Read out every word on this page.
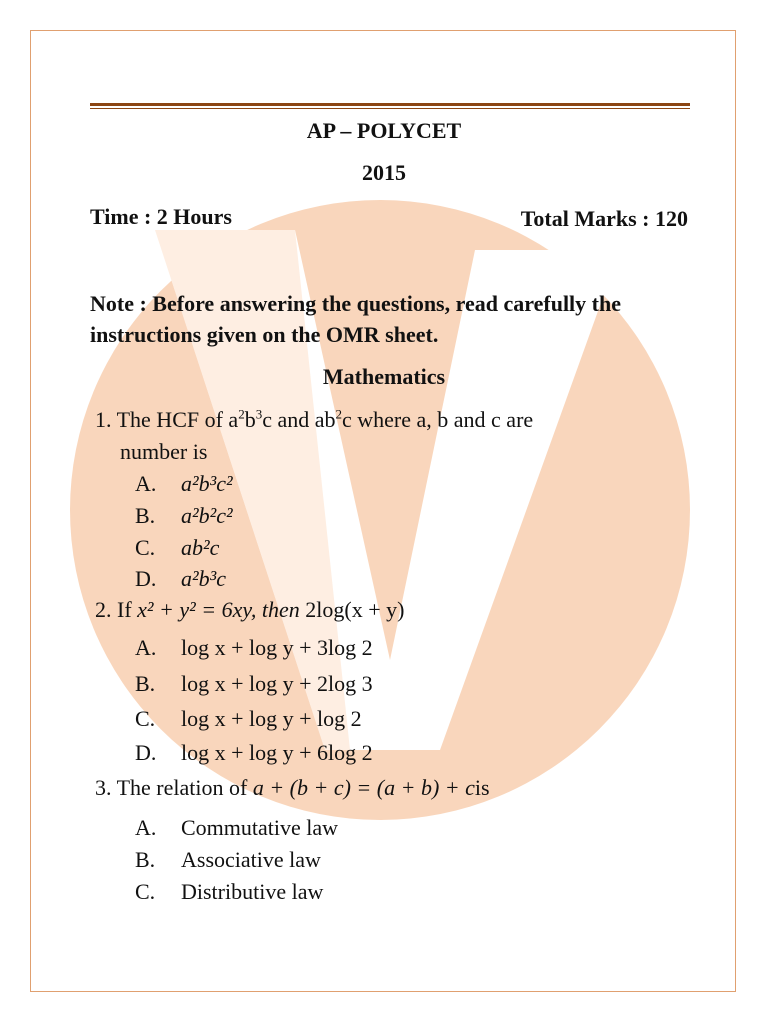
AP – POLYCET
2015
Time : 2 Hours	Total Marks : 120
Note : Before answering the questions, read carefully the instructions given on the OMR sheet.
Mathematics
1. The HCF of $a^2b^3c$ and $ab^2c$ where a, b and c are
number is
A.	a²b³c²
B.	a²b²c²
C.	ab²c
D.	a²b³c
2. If x² + y² = 6xy, then 2log(x + y)
A.	log x + log y + 3log 2
B.	log x + log y + 2log 3
C.	log x + log y + log 2
D.	log x + log y + 6log 2
3. The relation of a + (b + c) = (a + b) + cis
A.	Commutative law
B.	Associative law
C.	Distributive law
